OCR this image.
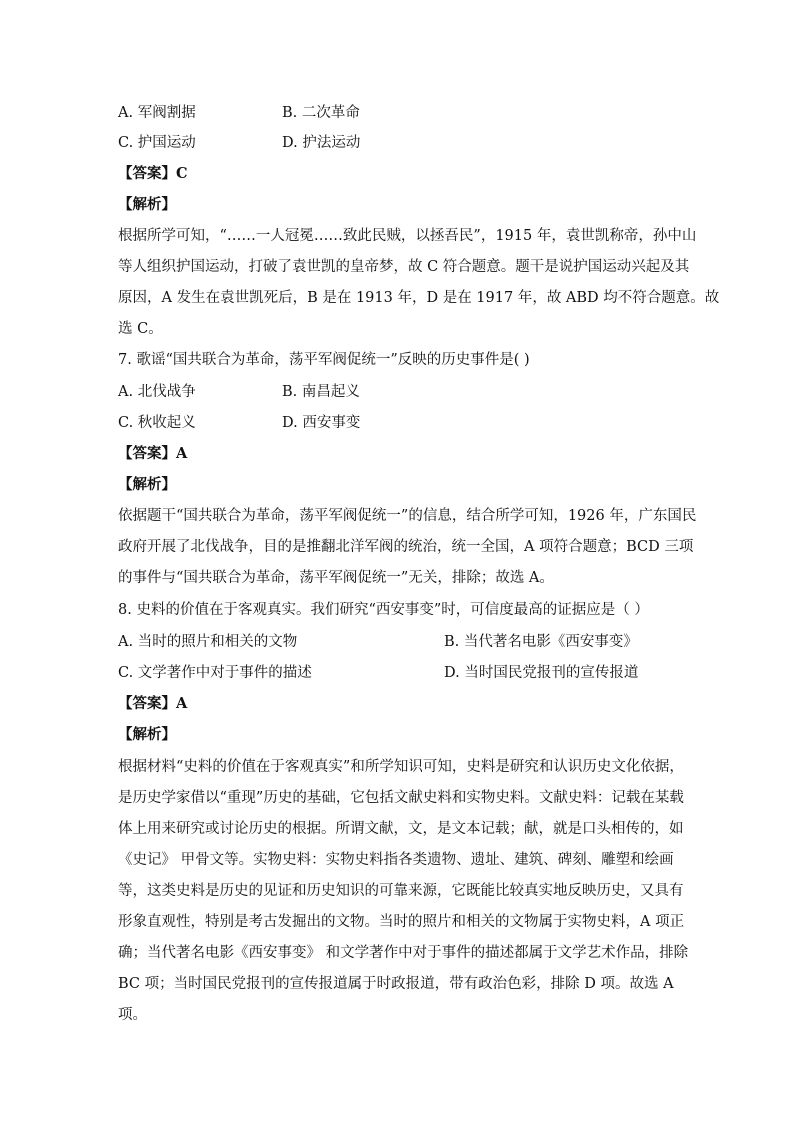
A. 军阀割据	B. 二次革命
C. 护国运动	D. 护法运动
【答案】C
【解析】
根据所学可知，“……一人冠冕……致此民贼，以拯吾民”，1915 年，袁世凯称帝，孙中山
等人组织护国运动，打破了袁世凯的皇帝梦，故 C 符合题意。题干是说护国运动兴起及其
原因，A 发生在袁世凯死后，B 是在 1913 年，D 是在 1917 年，故 ABD 均不符合题意。故
选 C。
7. 歌谣“国共联合为革命，荡平军阀促统一”反映的历史事件是( )
A. 北伐战争	B. 南昌起义
C. 秋收起义	D. 西安事变
【答案】A
【解析】
依据题干“国共联合为革命，荡平军阀促统一”的信息，结合所学可知，1926 年，广东国民
政府开展了北伐战争，目的是推翻北洋军阀的统治，统一全国，A 项符合题意；BCD 三项
的事件与“国共联合为革命，荡平军阀促统一”无关，排除；故选 A。
8. 史料的价值在于客观真实。我们研究“西安事变”时，可信度最高的证据应是（ ）
A. 当时的照片和相关的文物	B. 当代著名电影《西安事变》
C. 文学著作中对于事件的描述	D. 当时国民党报刊的宣传报道
【答案】A
【解析】
根据材料“史料的价值在于客观真实”和所学知识可知，史料是研究和认识历史文化依据，
是历史学家借以“重现”历史的基础，它包括文献史料和实物史料。文献史料：记载在某载
体上用来研究或讨论历史的根据。所谓文献，文，是文本记载；献，就是口头相传的，如
《史记》 甲骨文等。实物史料：实物史料指各类遗物、遗址、建筑、碑刻、雕塑和绘画
等，这类史料是历史的见证和历史知识的可靠来源，它既能比较真实地反映历史，又具有
形象直观性，特别是考古发掘出的文物。当时的照片和相关的文物属于实物史料，A 项正
确；当代著名电影《西安事变》 和文学著作中对于事件的描述都属于文学艺术作品，排除
BC 项；当时国民党报刊的宣传报道属于时政报道，带有政治色彩，排除 D 项。故选 A
项。
